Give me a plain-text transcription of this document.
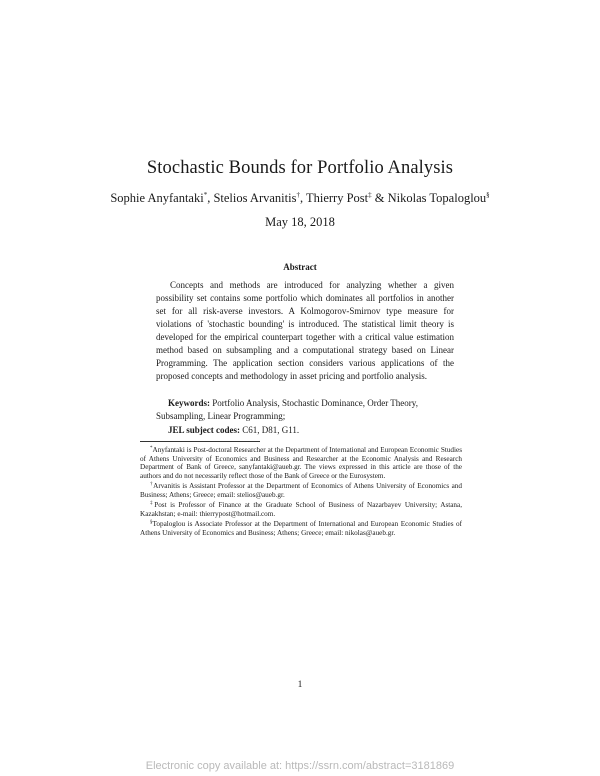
Stochastic Bounds for Portfolio Analysis
Sophie Anyfantaki*, Stelios Arvanitis†, Thierry Post‡ & Nikolas Topaloglou§
May 18, 2018
Abstract

Concepts and methods are introduced for analyzing whether a given possibility set contains some portfolio which dominates all portfolios in another set for all risk-averse investors. A Kolmogorov-Smirnov type measure for violations of 'stochastic bounding' is introduced. The statistical limit theory is developed for the empirical counterpart together with a critical value estimation method based on subsampling and a computational strategy based on Linear Programming. The application section considers various applications of the proposed concepts and methodology in asset pricing and portfolio analysis.

Keywords: Portfolio Analysis, Stochastic Dominance, Order Theory, Subsampling, Linear Programming;

JEL subject codes: C61, D81, G11.

*Anyfantaki is Post-doctoral Researcher at the Department of International and European Economic Studies of Athens University of Economics and Business and Researcher at the Economic Analysis and Research Department of Bank of Greece, sanyfantaki@aueb.gr. The views expressed in this article are those of the authors and do not necessarily reflect those of the Bank of Greece or the Eurosystem.

†Arvanitis is Assistant Professor at the Department of Economics of Athens University of Economics and Business; Athens; Greece; email: stelios@aueb.gr.

‡Post is Professor of Finance at the Graduate School of Business of Nazarbayev University; Astana, Kazakhstan; e-mail: thierrypost@hotmail.com.

§Topaloglou is Associate Professor at the Department of International and European Economic Studies of Athens University of Economics and Business; Athens; Greece; email: nikolas@aueb.gr.

1
Electronic copy available at: https://ssrn.com/abstract=3181869
